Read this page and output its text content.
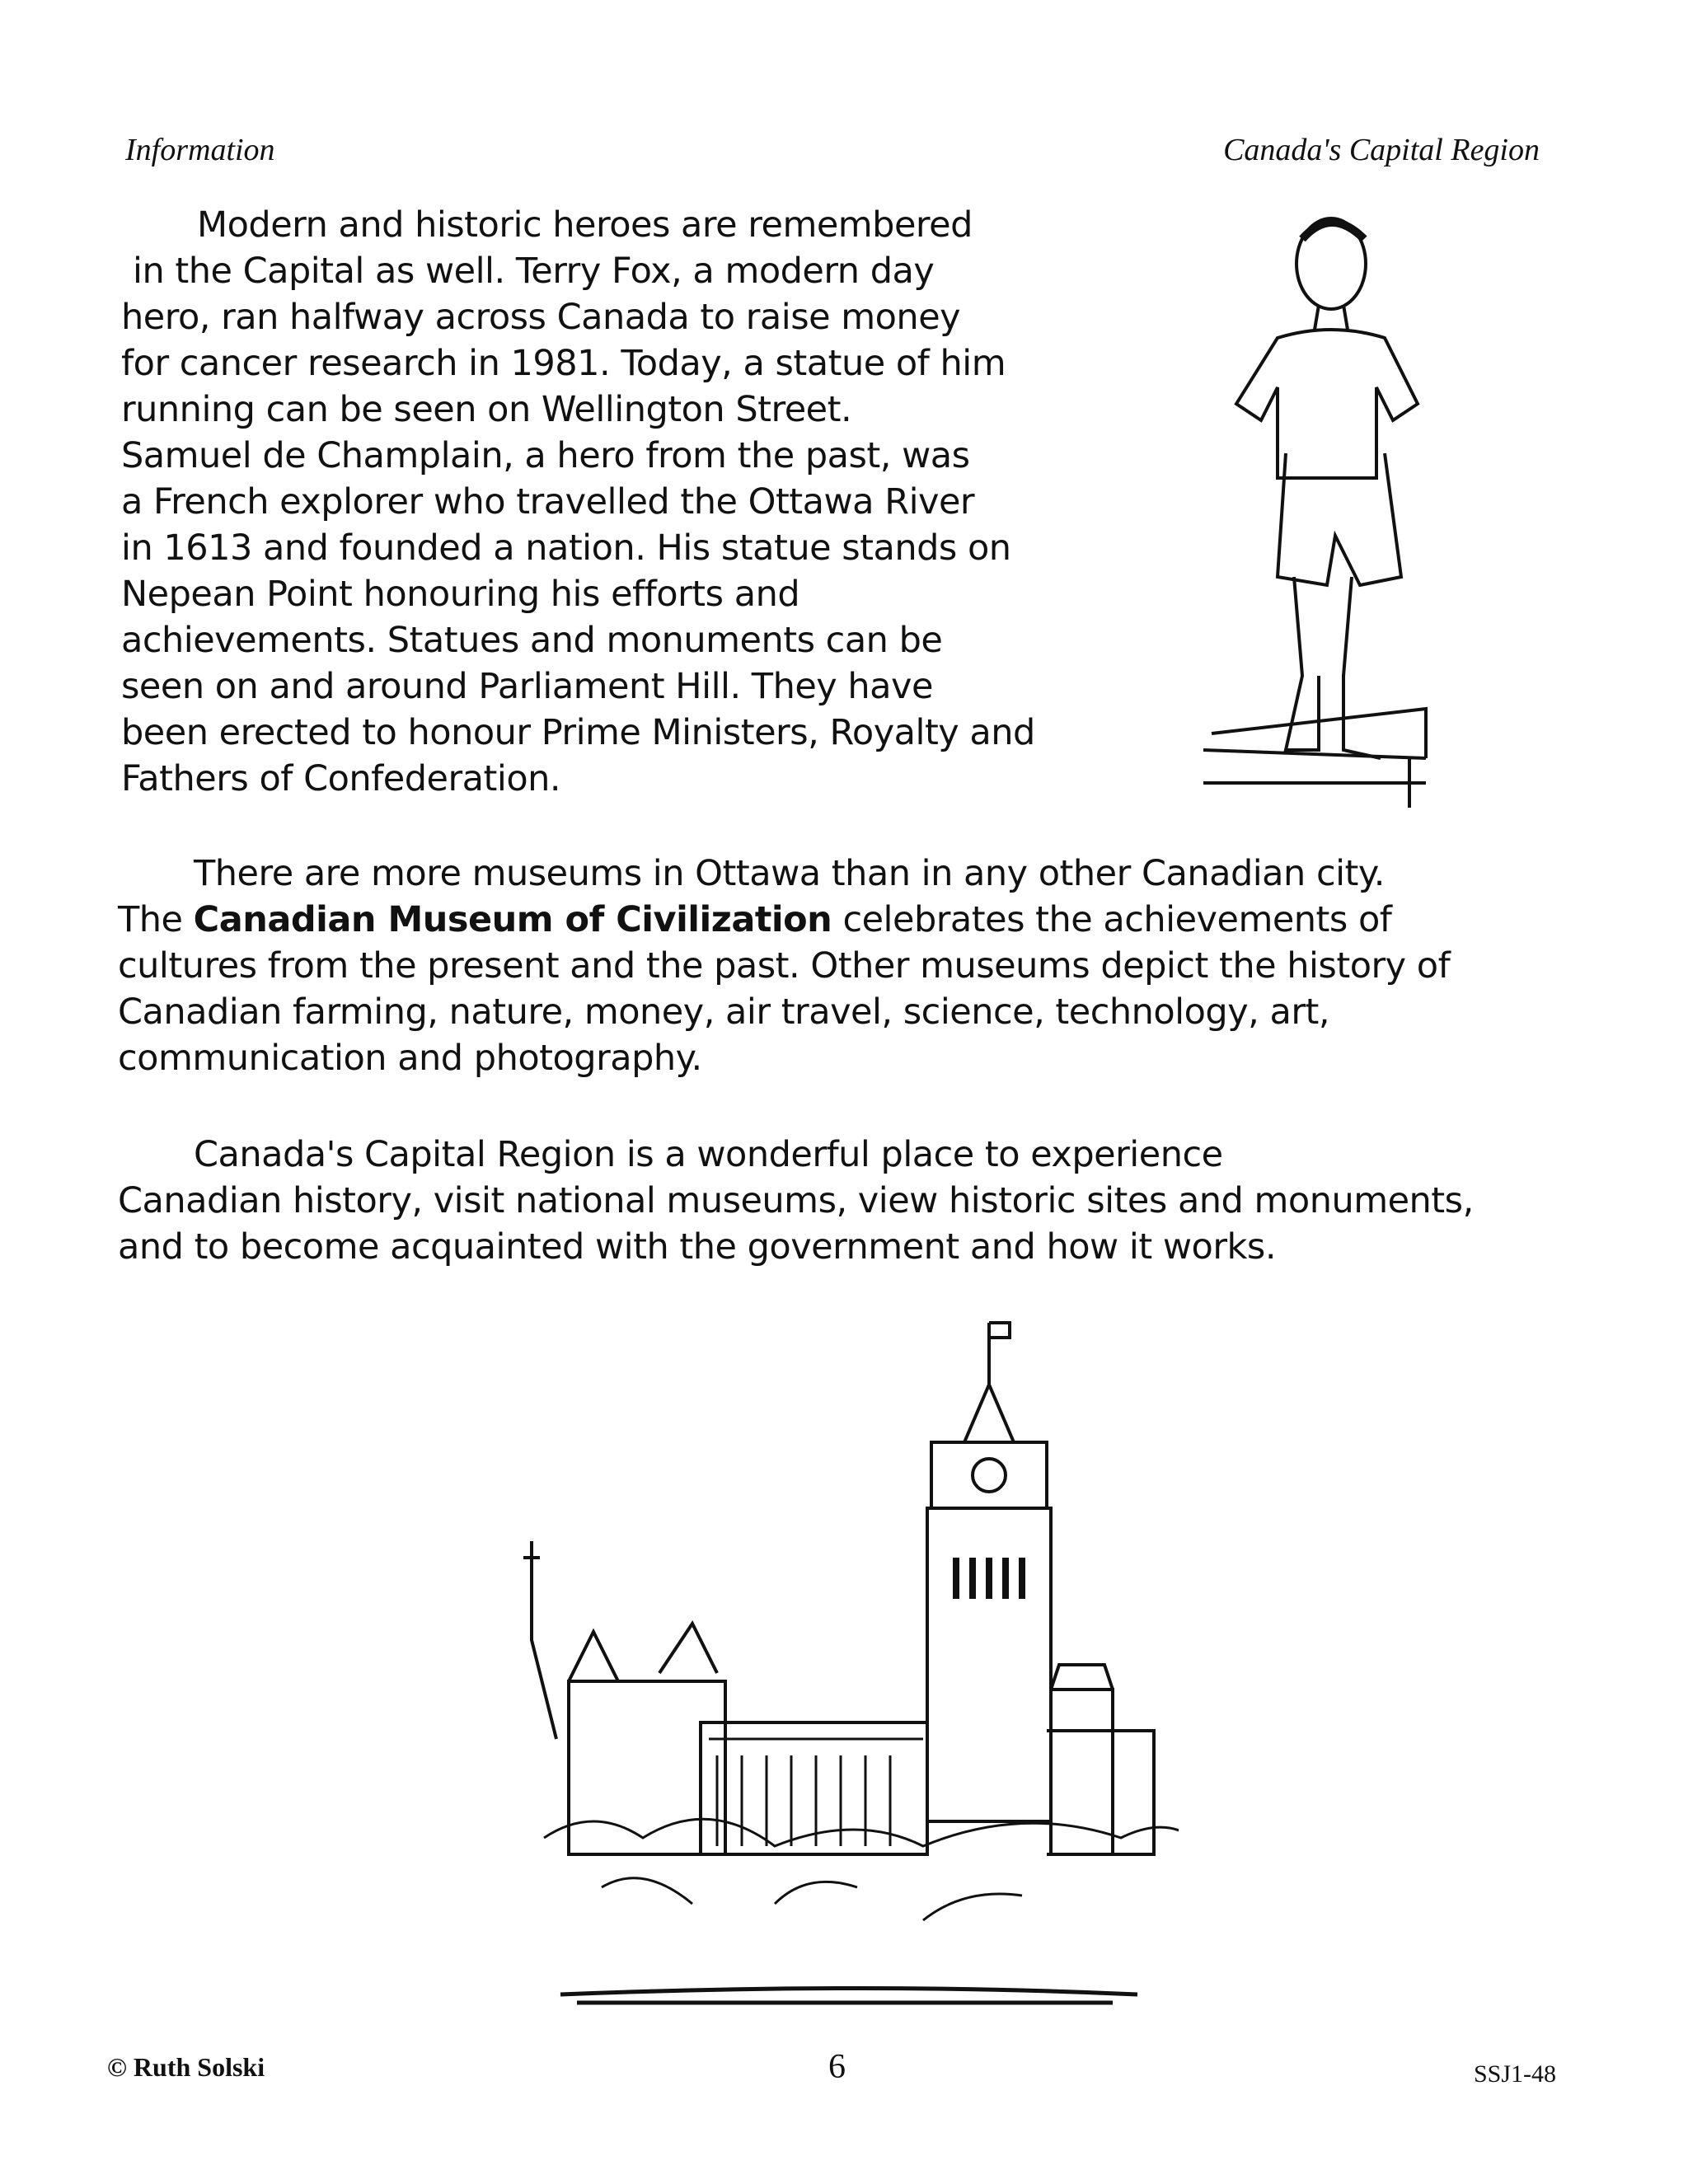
Information	Canada's Capital Region
Modern and historic heroes are remembered
in the Capital as well. Terry Fox, a modern day
hero, ran halfway across Canada to raise money
for cancer research in 1981. Today, a statue of him
running can be seen on Wellington Street.
Samuel de Champlain, a hero from the past, was
a French explorer who travelled the Ottawa River
in 1613 and founded a nation. His statue stands on
Nepean Point honouring his efforts and
achievements. Statues and monuments can be
seen on and around Parliament Hill. They have
been erected to honour Prime Ministers, Royalty and
Fathers of Confederation.
There are more museums in Ottawa than in any other Canadian city.
The Canadian Museum of Civilization celebrates the achievements of
cultures from the present and the past. Other museums depict the history of
Canadian farming, nature, money, air travel, science, technology, art,
communication and photography.
Canada's Capital Region is a wonderful place to experience
Canadian history, visit national museums, view historic sites and monuments,
and to become acquainted with the government and how it works.
© Ruth Solski	6	SSJ1-48
